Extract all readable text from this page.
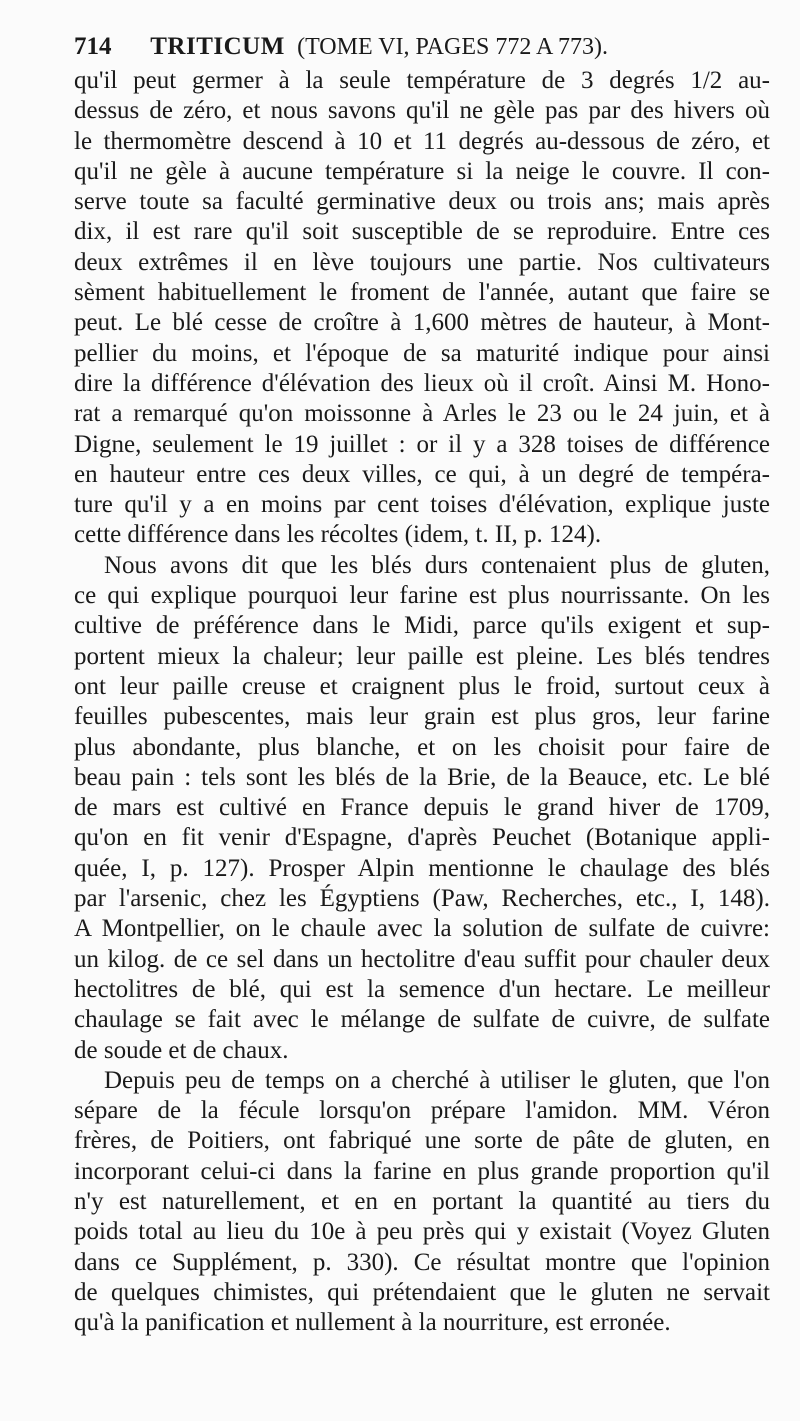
714 TRITICUM (TOME VI, PAGES 772 A 773).
qu'il peut germer à la seule température de 3 degrés 1/2 au-
dessus de zéro, et nous savons qu'il ne gèle pas par des hivers où
le thermomètre descend à 10 et 11 degrés au-dessous de zéro, et
qu'il ne gèle à aucune température si la neige le couvre. Il con-
serve toute sa faculté germinative deux ou trois ans; mais après
dix, il est rare qu'il soit susceptible de se reproduire. Entre ces
deux extrêmes il en lève toujours une partie. Nos cultivateurs
sèment habituellement le froment de l'année, autant que faire se
peut. Le blé cesse de croître à 1,600 mètres de hauteur, à Mont-
pellier du moins, et l'époque de sa maturité indique pour ainsi
dire la différence d'élévation des lieux où il croît. Ainsi M. Hono-
rat a remarqué qu'on moissonne à Arles le 23 ou le 24 juin, et à
Digne, seulement le 19 juillet : or il y a 328 toises de différence
en hauteur entre ces deux villes, ce qui, à un degré de tempéra-
ture qu'il y a en moins par cent toises d'élévation, explique juste
cette différence dans les récoltes (idem, t. II, p. 124).
Nous avons dit que les blés durs contenaient plus de gluten,
ce qui explique pourquoi leur farine est plus nourrissante. On les
cultive de préférence dans le Midi, parce qu'ils exigent et sup-
portent mieux la chaleur; leur paille est pleine. Les blés tendres
ont leur paille creuse et craignent plus le froid, surtout ceux à
feuilles pubescentes, mais leur grain est plus gros, leur farine
plus abondante, plus blanche, et on les choisit pour faire de
beau pain : tels sont les blés de la Brie, de la Beauce, etc. Le blé
de mars est cultivé en France depuis le grand hiver de 1709,
qu'on en fit venir d'Espagne, d'après Peuchet (Botanique appli-
quée, I, p. 127). Prosper Alpin mentionne le chaulage des blés
par l'arsenic, chez les Égyptiens (Paw, Recherches, etc., I, 148).
A Montpellier, on le chaule avec la solution de sulfate de cuivre:
un kilog. de ce sel dans un hectolitre d'eau suffit pour chauler deux
hectolitres de blé, qui est la semence d'un hectare. Le meilleur
chaulage se fait avec le mélange de sulfate de cuivre, de sulfate
de soude et de chaux.
Depuis peu de temps on a cherché à utiliser le gluten, que l'on
sépare de la fécule lorsqu'on prépare l'amidon. MM. Véron
frères, de Poitiers, ont fabriqué une sorte de pâte de gluten, en
incorporant celui-ci dans la farine en plus grande proportion qu'il
n'y est naturellement, et en en portant la quantité au tiers du
poids total au lieu du 10e à peu près qui y existait (Voyez Gluten
dans ce Supplément, p. 330). Ce résultat montre que l'opinion
de quelques chimistes, qui prétendaient que le gluten ne servait
qu'à la panification et nullement à la nourriture, est erronée.
